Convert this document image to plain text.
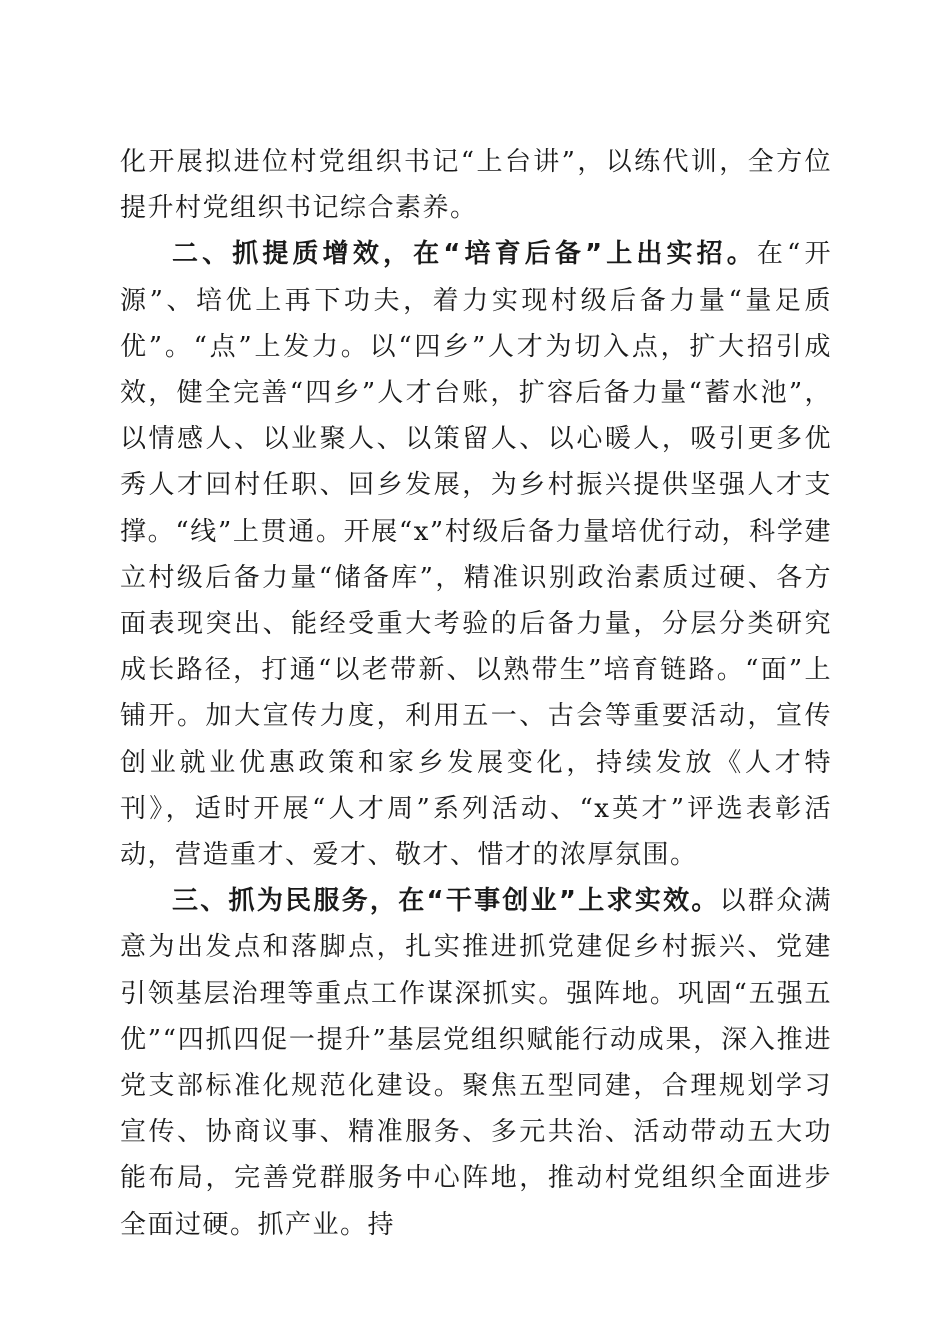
化开展拟进位村党组织书记“上台讲”，以练代训，全方位提升村党组织书记综合素养。

二、抓提质增效，在“培育后备”上出实招。在“开源”、培优上再下功夫，着力实现村级后备力量“量足质优”。“点”上发力。以“四乡”人才为切入点，扩大招引成效，健全完善“四乡”人才台账，扩容后备力量“蓄水池”，以情感人、以业聚人、以策留人、以心暖人，吸引更多优秀人才回村任职、回乡发展，为乡村振兴提供坚强人才支撑。“线”上贯通。开展“x”村级后备力量培优行动，科学建立村级后备力量“储备库”，精准识别政治素质过硬、各方面表现突出、能经受重大考验的后备力量，分层分类研究成长路径，打通“以老带新、以熟带生”培育链路。“面”上铺开。加大宣传力度，利用五一、古会等重要活动，宣传创业就业优惠政策和家乡发展变化，持续发放《人才特刊》，适时开展“人才周”系列活动、“x英才”评选表彰活动，营造重才、爱才、敬才、惜才的浓厚氛围。

三、抓为民服务，在“干事创业”上求实效。以群众满意为出发点和落脚点，扎实推进抓党建促乡村振兴、党建引领基层治理等重点工作谋深抓实。强阵地。巩固“五强五优”“四抓四促一提升”基层党组织赋能行动成果，深入推进党支部标准化规范化建设。聚焦五型同建，合理规划学习宣传、协商议事、精准服务、多元共治、活动带动五大功能布局，完善党群服务中心阵地，推动村党组织全面进步全面过硬。抓产业。持
